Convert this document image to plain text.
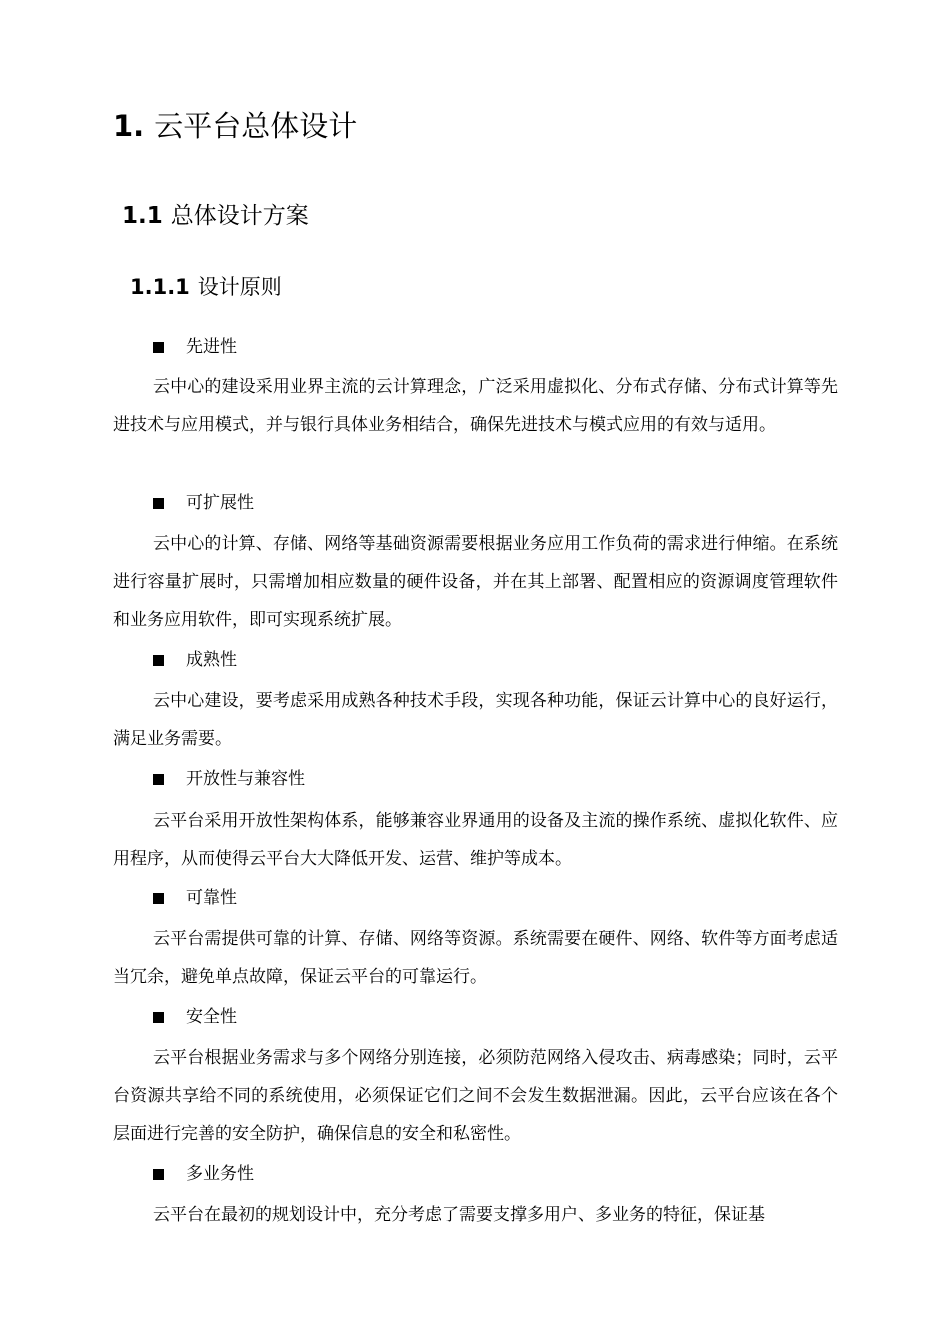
1. 云平台总体设计
1.1 总体设计方案
1.1.1 设计原则
先进性

云中心的建设采用业界主流的云计算理念，广泛采用虚拟化、分布式存储、分布式计算等先进技术与应用模式，并与银行具体业务相结合，确保先进技术与模式应用的有效与适用。

可扩展性

云中心的计算、存储、网络等基础资源需要根据业务应用工作负荷的需求进行伸缩。在系统进行容量扩展时，只需增加相应数量的硬件设备，并在其上部署、配置相应的资源调度管理软件和业务应用软件，即可实现系统扩展。

成熟性

云中心建设，要考虑采用成熟各种技术手段，实现各种功能，保证云计算中心的良好运行，满足业务需要。

开放性与兼容性

云平台采用开放性架构体系，能够兼容业界通用的设备及主流的操作系统、虚拟化软件、应用程序，从而使得云平台大大降低开发、运营、维护等成本。

可靠性

云平台需提供可靠的计算、存储、网络等资源。系统需要在硬件、网络、软件等方面考虑适当冗余，避免单点故障，保证云平台的可靠运行。

安全性

云平台根据业务需求与多个网络分别连接，必须防范网络入侵攻击、病毒感染；同时，云平台资源共享给不同的系统使用，必须保证它们之间不会发生数据泄漏。因此，云平台应该在各个层面进行完善的安全防护，确保信息的安全和私密性。

多业务性

云平台在最初的规划设计中，充分考虑了需要支撑多用户、多业务的特征，保证基
